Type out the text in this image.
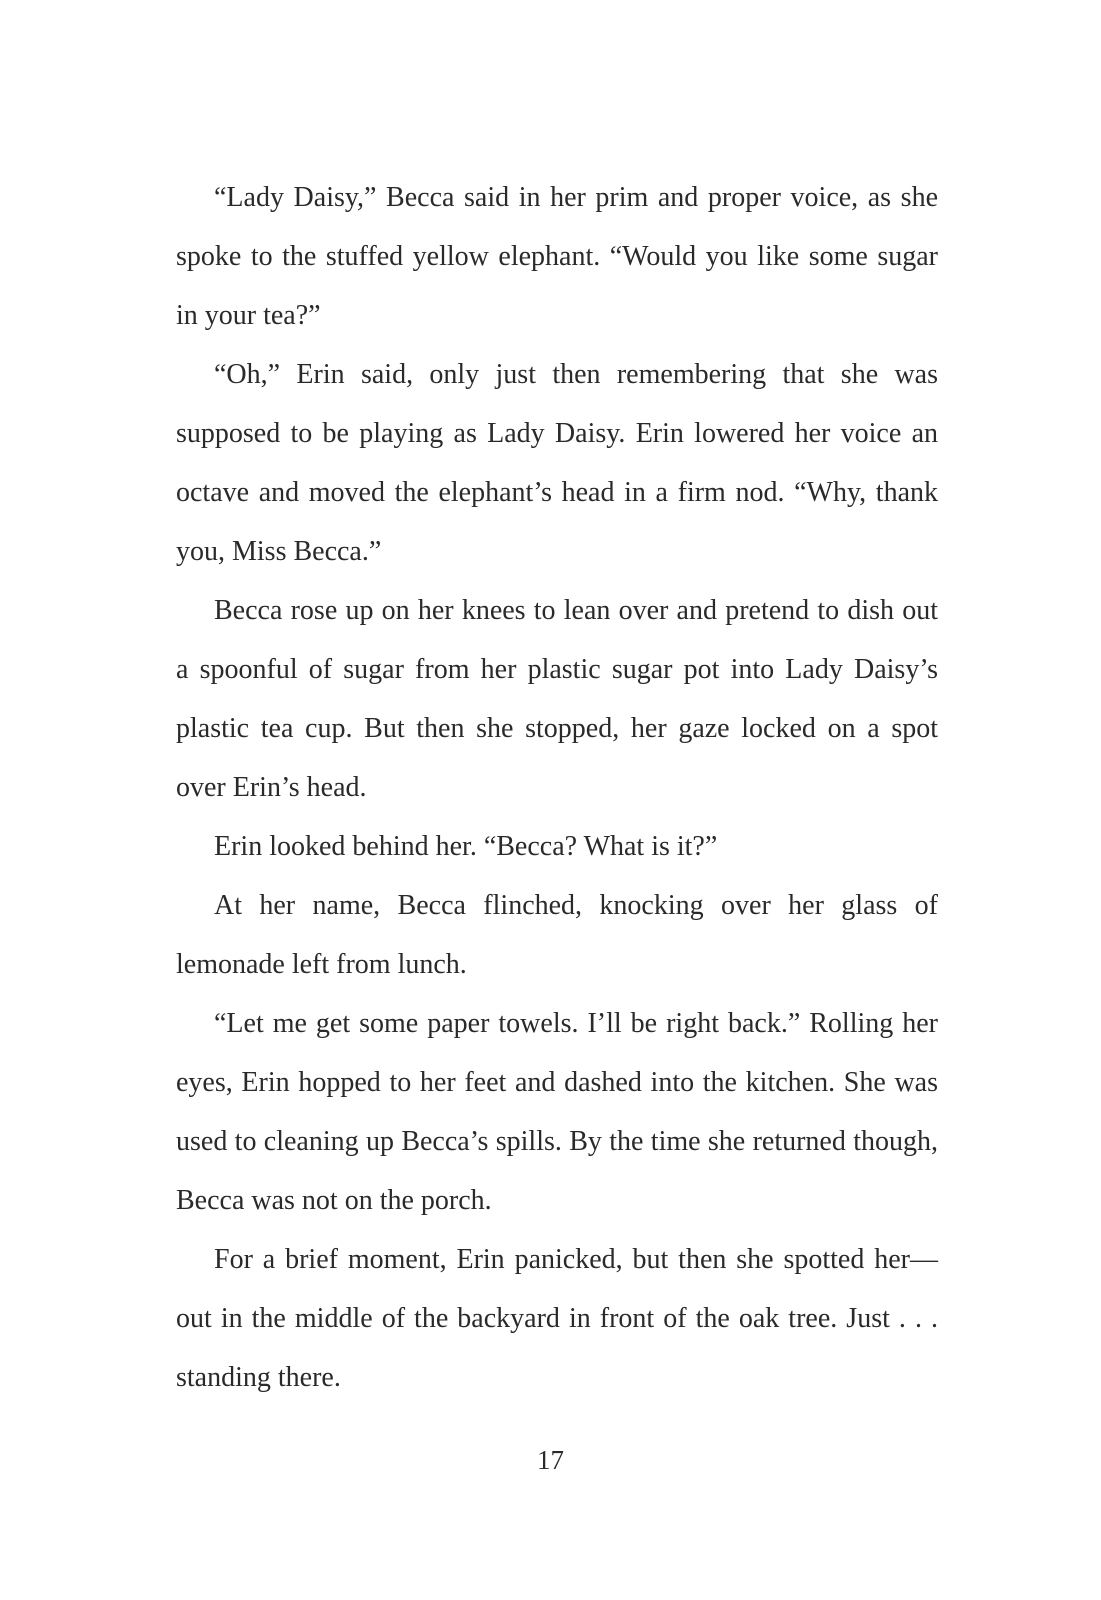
“Lady Daisy,” Becca said in her prim and proper voice, as she spoke to the stuffed yellow elephant. “Would you like some sugar in your tea?”

“Oh,” Erin said, only just then remembering that she was supposed to be playing as Lady Daisy. Erin lowered her voice an octave and moved the elephant’s head in a firm nod. “Why, thank you, Miss Becca.”

Becca rose up on her knees to lean over and pretend to dish out a spoonful of sugar from her plastic sugar pot into Lady Daisy’s plastic tea cup. But then she stopped, her gaze locked on a spot over Erin’s head.

Erin looked behind her. “Becca? What is it?”

At her name, Becca flinched, knocking over her glass of lemonade left from lunch.

“Let me get some paper towels. I’ll be right back.” Rolling her eyes, Erin hopped to her feet and dashed into the kitchen. She was used to cleaning up Becca’s spills. By the time she returned though, Becca was not on the porch.

For a brief moment, Erin panicked, but then she spotted her—out in the middle of the backyard in front of the oak tree. Just . . . standing there.

17
